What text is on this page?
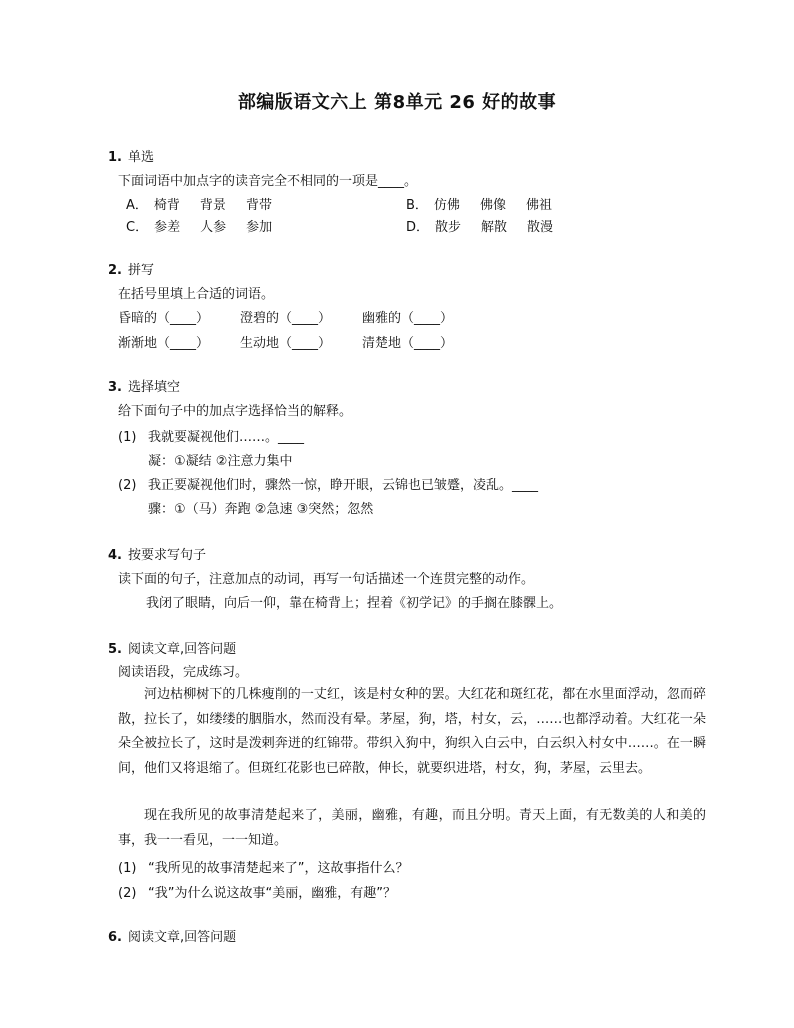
部编版语文六上 第8单元 26 好的故事
1. 单选
下面词语中加点字的读音完全不相同的一项是____。
A． 椅背 背景 背带	B． 仿佛 佛像 佛祖
C． 参差 人参 参加	D． 散步 解散 散漫
2. 拼写
在括号里填上合适的词语。
昏暗的（____） 澄碧的（____） 幽雅的（____）
渐渐地（____） 生动地（____） 清楚地（____）
3. 选择填空
给下面句子中的加点字选择恰当的解释。
(1) 我就要凝视他们……。____
凝：①凝结 ②注意力集中
(2) 我正要凝视他们时，骤然一惊，睁开眼，云锦也已皱蹙，凌乱。____
骤：①（马）奔跑 ②急速 ③突然；忽然
4. 按要求写句子
读下面的句子，注意加点的动词，再写一句话描述一个连贯完整的动作。
我闭了眼睛，向后一仰，靠在椅背上；捏着《初学记》的手搁在膝髁上。
5. 阅读文章,回答问题
阅读语段，完成练习。
河边枯柳树下的几株瘦削的一丈红，该是村女种的罢。大红花和斑红花，都在水里面浮动，忽而碎散，拉长了，如缕缕的胭脂水，然而没有晕。茅屋，狗，塔，村女，云，……也都浮动着。大红花一朵朵全被拉长了，这时是泼剌奔迸的红锦带。带织入狗中，狗织入白云中，白云织入村女中……。在一瞬间，他们又将退缩了。但斑红花影也已碎散，伸长，就要织进塔，村女，狗，茅屋，云里去。
现在我所见的故事清楚起来了，美丽，幽雅，有趣，而且分明。青天上面，有无数美的人和美的事，我一一看见，一一知道。
(1) “我所见的故事清楚起来了”，这故事指什么？
(2) “我”为什么说这故事“美丽，幽雅，有趣”？
6. 阅读文章,回答问题
